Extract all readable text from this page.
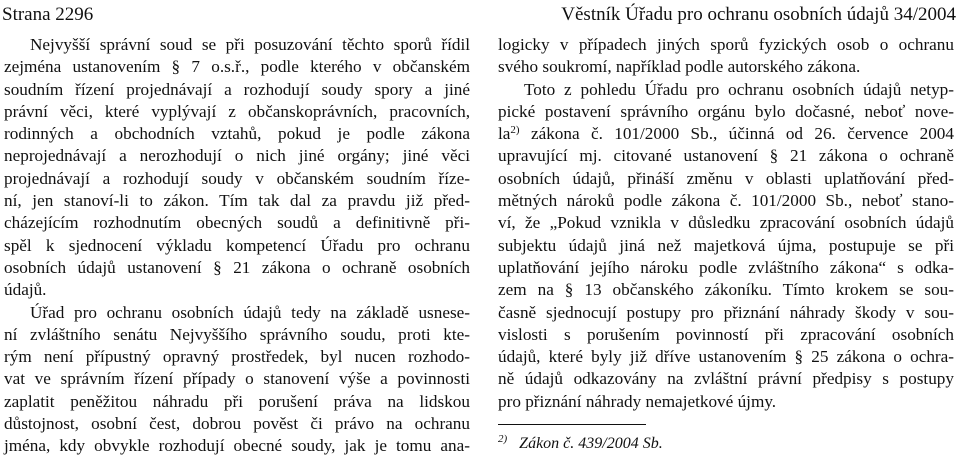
Strana 2296	Věstník Úřadu pro ochranu osobních údajů 34/2004
Nejvyšší správní soud se při posuzování těchto sporů řídil
zejména ustanovením § 7 o.s.ř., podle kterého v občanském
soudním řízení projednávají a rozhodují soudy spory a jiné
právní věci, které vyplývají z občanskoprávních, pracovních,
rodinných a obchodních vztahů, pokud je podle zákona
neprojednávají a nerozhodují o nich jiné orgány; jiné věci
projednávají a rozhodují soudy v občanském soudním říze-
ní, jen stanoví-li to zákon. Tím tak dal za pravdu již před-
cházejícím rozhodnutím obecných soudů a definitivně při-
spěl k sjednocení výkladu kompetencí Úřadu pro ochranu
osobních údajů ustanovení § 21 zákona o ochraně osobních
údajů.
Úřad pro ochranu osobních údajů tedy na základě usnese-
ní zvláštního senátu Nejvyššího správního soudu, proti kte-
rým není přípustný opravný prostředek, byl nucen rozhodo-
vat ve správním řízení případy o stanovení výše a povinnosti
zaplatit peněžitou náhradu při porušení práva na lidskou
důstojnost, osobní čest, dobrou pověst či právo na ochranu
jména, kdy obvykle rozhodují obecné soudy, jak je tomu ana-
logicky v případech jiných sporů fyzických osob o ochranu
svého soukromí, například podle autorského zákona.
Toto z pohledu Úřadu pro ochranu osobních údajů netyp-
pické postavení správního orgánu bylo dočasné, neboť nove-
$la^{2)}$ zákona č. 101/2000 Sb., účinná od 26. července 2004
upravující mj. citované ustanovení § 21 zákona o ochraně
osobních údajů, přináší změnu v oblasti uplatňování před-
mětných nároků podle zákona č. 101/2000 Sb., neboť stano-
ví, že „Pokud vznikla v důsledku zpracování osobních údajů
subjektu údajů jiná než majetková újma, postupuje se při
uplatňování jejího nároku podle zvláštního zákona“ s odka-
zem na § 13 občanského zákoníku. Tímto krokem se sou-
časně sjednocují postupy pro přiznání náhrady škody v sou-
vislosti s porušením povinností při zpracování osobních
údajů, které byly již dříve ustanovením § 25 zákona o ochra-
ně údajů odkazovány na zvláštní právní předpisy s postupy
pro přiznání náhrady nemajetkové újmy.
$^{2)}$ Zákon č. 439/2004 Sb.
